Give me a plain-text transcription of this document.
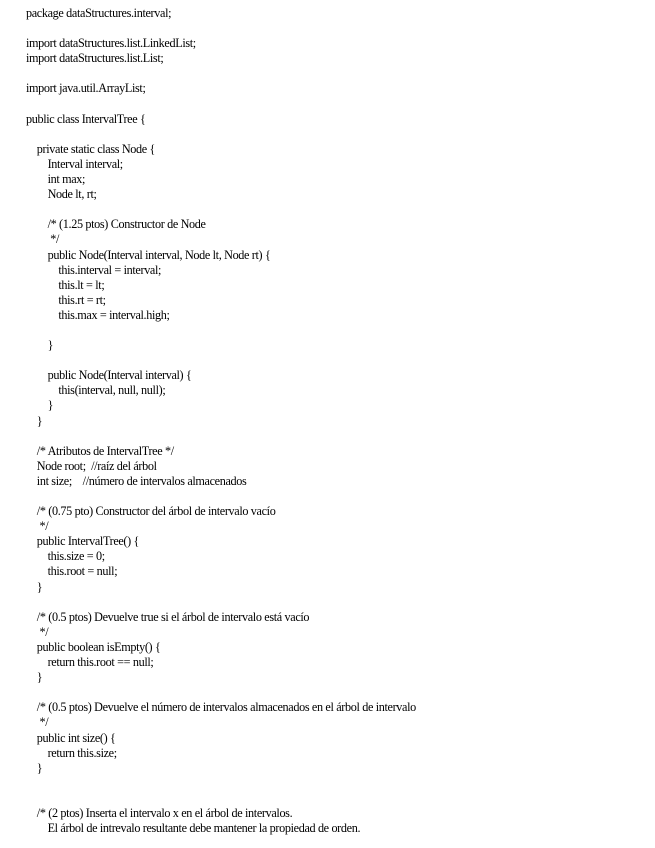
package dataStructures.interval;
import dataStructures.list.LinkedList;
import dataStructures.list.List;
import java.util.ArrayList;
public class IntervalTree {
private static class Node {
Interval interval;
int max;
Node lt, rt;
/* (1.25 ptos) Constructor de Node
*/
public Node(Interval interval, Node lt, Node rt) {
this.interval = interval;
this.lt = lt;
this.rt = rt;
this.max = interval.high;
}
public Node(Interval interval) {
this(interval, null, null);
}
}
/* Atributos de IntervalTree */
Node root;  //raíz del árbol
int size;    //número de intervalos almacenados
/* (0.75 pto) Constructor del árbol de intervalo vacío
*/
public IntervalTree() {
this.size = 0;
this.root = null;
}
/* (0.5 ptos) Devuelve true si el árbol de intervalo está vacío
*/
public boolean isEmpty() {
return this.root == null;
}
/* (0.5 ptos) Devuelve el número de intervalos almacenados en el árbol de intervalo
*/
public int size() {
return this.size;
}
/* (2 ptos) Inserta el intervalo x en el árbol de intervalos.
El árbol de intrevalo resultante debe mantener la propiedad de orden.
